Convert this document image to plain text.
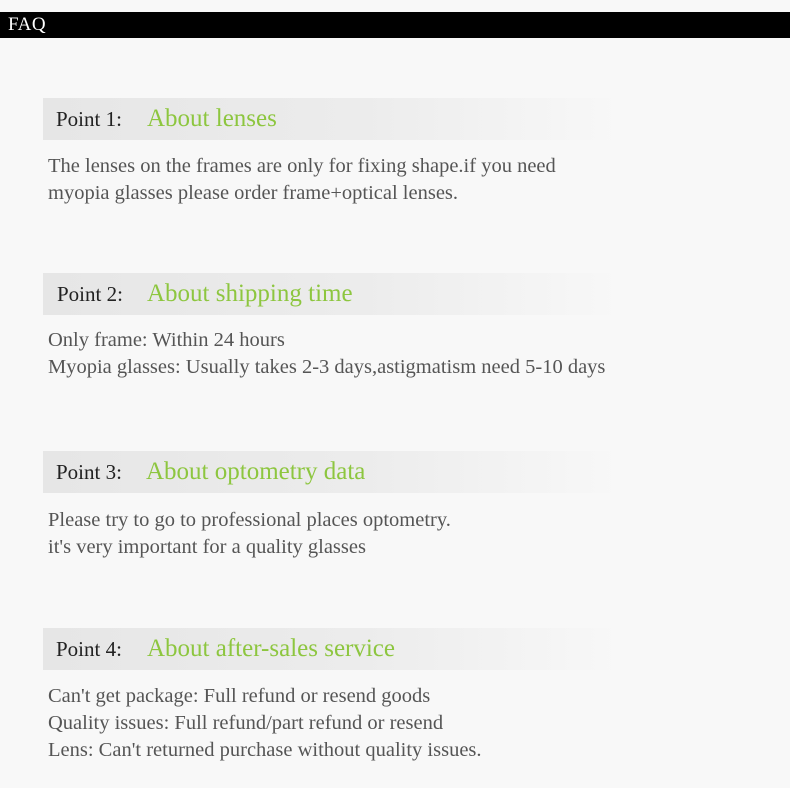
FAQ
Point 1: About lenses
The lenses on the frames are only for fixing shape.if you need
myopia glasses please order frame+optical lenses.
Point 2: About shipping time
Only frame: Within 24 hours
Myopia glasses: Usually takes 2-3 days,astigmatism need 5-10 days
Point 3: About optometry data
Please try to go to professional places optometry.
it's very important for a quality glasses
Point 4: About after-sales service
Can't get package: Full refund or resend goods
Quality issues: Full refund/part refund or resend
Lens: Can't returned purchase without quality issues.
